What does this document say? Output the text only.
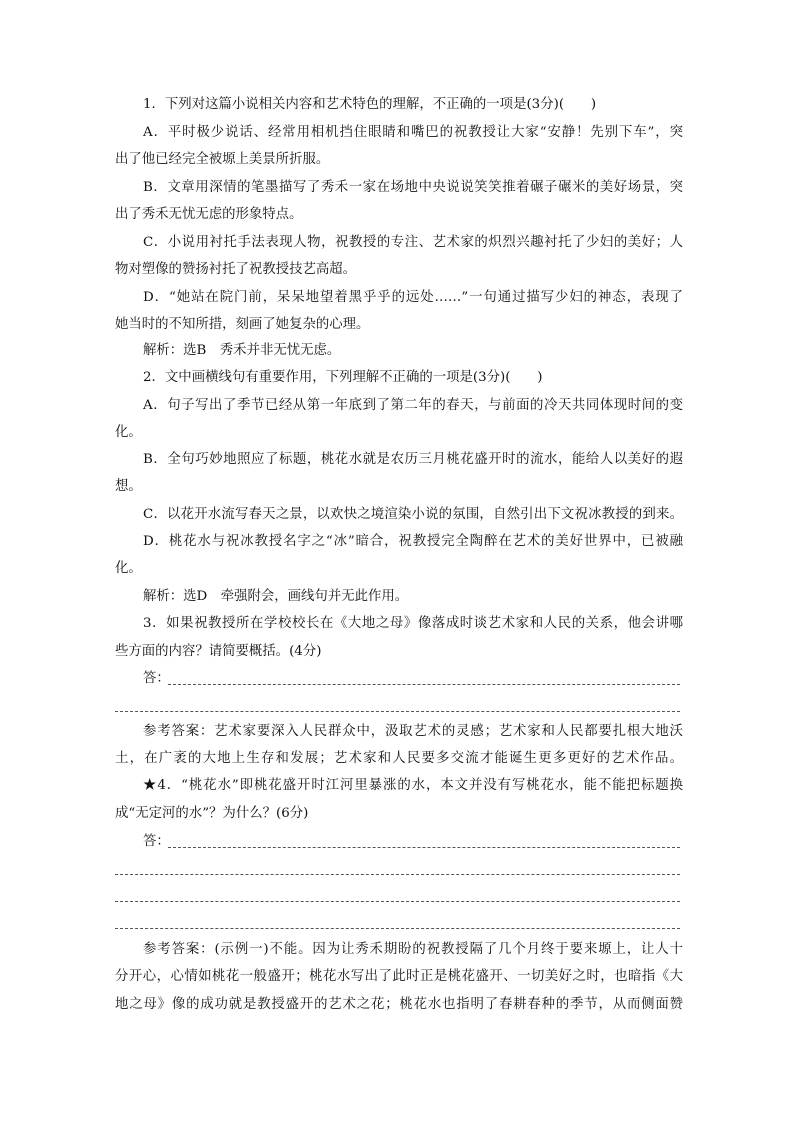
1．下列对这篇小说相关内容和艺术特色的理解，不正确的一项是(3分)(　　)
A．平时极少说话、经常用相机挡住眼睛和嘴巴的祝教授让大家“安静！先别下车”，突
出了他已经完全被塬上美景所折服。
B．文章用深情的笔墨描写了秀禾一家在场地中央说说笑笑推着碾子碾米的美好场景，突
出了秀禾无忧无虑的形象特点。
C．小说用衬托手法表现人物，祝教授的专注、艺术家的炽烈兴趣衬托了少妇的美好；人
物对塑像的赞扬衬托了祝教授技艺高超。
D．“她站在院门前，呆呆地望着黑乎乎的远处……”一句通过描写少妇的神态，表现了
她当时的不知所措，刻画了她复杂的心理。
解析：选B　秀禾并非无忧无虑。
2．文中画横线句有重要作用，下列理解不正确的一项是(3分)(　　)
A．句子写出了季节已经从第一年底到了第二年的春天，与前面的冷天共同体现时间的变
化。
B．全句巧妙地照应了标题，桃花水就是农历三月桃花盛开时的流水，能给人以美好的遐
想。
C．以花开水流写春天之景，以欢快之境渲染小说的氛围，自然引出下文祝冰教授的到来。
D．桃花水与祝冰教授名字之“冰”暗合，祝教授完全陶醉在艺术的美好世界中，已被融
化。
解析：选D　牵强附会，画线句并无此作用。
3．如果祝教授所在学校校长在《大地之母》像落成时谈艺术家和人民的关系，他会讲哪
些方面的内容？请简要概括。(4分)
答：
参考答案：艺术家要深入人民群众中，汲取艺术的灵感；艺术家和人民都要扎根大地沃
土，在广袤的大地上生存和发展；艺术家和人民要多交流才能诞生更多更好的艺术作品。
★4．“桃花水”即桃花盛开时江河里暴涨的水，本文并没有写桃花水，能不能把标题换
成“无定河的水”？为什么？(6分)
答：
参考答案：(示例一)不能。因为让秀禾期盼的祝教授隔了几个月终于要来塬上，让人十
分开心，心情如桃花一般盛开；桃花水写出了此时正是桃花盛开、一切美好之时，也暗指《大
地之母》像的成功就是教授盛开的艺术之花；桃花水也指明了春耕春种的季节，从而侧面赞
